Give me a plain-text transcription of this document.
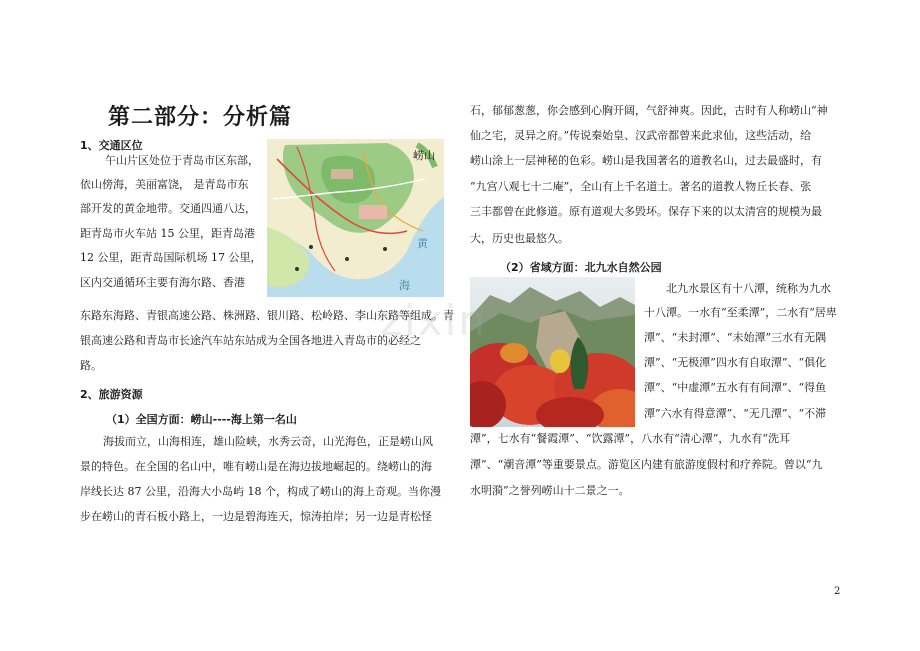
第二部分：分析篇
1、交通区位
午山片区处位于青岛市区东部，
依山傍海，美丽富饶， 是青岛市东
部开发的黄金地带。交通四通八达，
距青岛市火车站 15 公里，距青岛港
12 公里，距青岛国际机场 17 公里，
区内交通循环主要有海尔路、香港
东路东海路、青银高速公路、株洲路、银川路、松岭路、李山东路等组成。青
银高速公路和青岛市长途汽车站东站成为全国各地进入青岛市的必经之
路。
崂山
黄
海
2、旅游资源
（1）全国方面：崂山----海上第一名山
海拔而立，山海相连，雄山险峡，水秀云奇，山光海色，正是崂山风
景的特色。在全国的名山中，唯有崂山是在海边拔地崛起的。绕崂山的海
岸线长达 87 公里，沿海大小岛屿 18 个，构成了崂山的海上奇观。当你漫
步在崂山的青石板小路上，一边是碧海连天，惊涛拍岸；另一边是青松怪
石，郁郁葱葱，你会感到心胸开阔，气舒神爽。因此，古时有人称崂山“神
仙之宅，灵异之府。”传说秦始皇、汉武帝都曾来此求仙，这些活动，给
崂山涂上一层神秘的色彩。崂山是我国著名的道教名山，过去最盛时，有
“九宫八观七十二庵”，全山有上千名道士。著名的道教人物丘长春、张
三丰都曾在此修道。原有道观大多毁坏。保存下来的以太清宫的规模为最
大，历史也最悠久。
（2）省域方面：北九水自然公园
北九水景区有十八潭，统称为九水
十八潭。一水有“至柔潭”，二水有“居卑
潭”、“未封潭”、“未始潭”三水有无隅
潭”、“无极潭”四水有自取潭”、“俱化
潭”、“中虚潭”五水有有间潭”、“得鱼
潭”六水有得意潭”、“无几潭”、“不滞
潭”，七水有“餐霞潭”、“饮露潭”，八水有“清心潭”，九水有“洗耳
潭”、“潮音潭”等重要景点。游览区内建有旅游度假村和疗养院。曾以“九
水明漪”之誉列崂山十二景之一。
zixin
2
